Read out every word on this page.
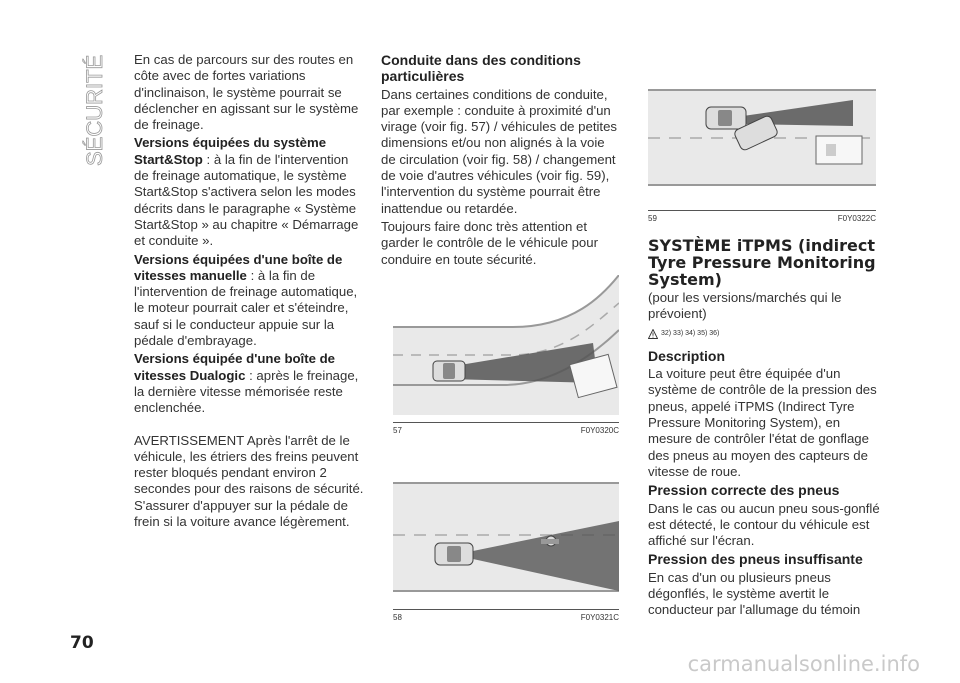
SÉCURITÉ En cas de parcours sur des routes en côte avec de fortes variations d'inclinaison, le système pourrait se déclencher en agissant sur le système de freinage.

Versions équipées du système Start&Stop : à la fin de l'intervention de freinage automatique, le système Start&Stop s'activera selon les modes décrits dans le paragraphe « Système Start&Stop » au chapitre « Démarrage et conduite ».

Versions équipées d'une boîte de vitesses manuelle : à la fin de l'intervention de freinage automatique, le moteur pourrait caler et s'éteindre, sauf si le conducteur appuie sur la pédale d'embrayage.

Versions équipée d'une boîte de vitesses Dualogic : après le freinage, la dernière vitesse mémorisée reste enclenchée.

AVERTISSEMENT Après l'arrêt de le véhicule, les étriers des freins peuvent rester bloqués pendant environ 2 secondes pour des raisons de sécurité. S'assurer d'appuyer sur la pédale de frein si la voiture avance légèrement.

Conduite dans des conditions particulières

Dans certaines conditions de conduite, par exemple : conduite à proximité d'un virage (voir fig. 57) / véhicules de petites dimensions et/ou non alignés à la voie de circulation (voir fig. 58) / changement de voie d'autres véhicules (voir fig. 59), l'intervention du système pourrait être inattendue ou retardée.

Toujours faire donc très attention et garder le contrôle de le véhicule pour conduire en toute sécurité.

57	F0Y0320C
58	F0Y0321C
59	F0Y0322C

SYSTÈME iTPMS (indirect Tyre Pressure Monitoring System)

(pour les versions/marchés qui le prévoient)

32) 33) 34) 35) 36)

Description

La voiture peut être équipée d'un système de contrôle de la pression des pneus, appelé iTPMS (Indirect Tyre Pressure Monitoring System), en mesure de contrôler l'état de gonflage des pneus au moyen des capteurs de vitesse de roue.

Pression correcte des pneus

Dans le cas ou aucun pneu sous-gonflé est détecté, le contour du véhicule est affiché sur l'écran.

Pression des pneus insuffisante

En cas d'un ou plusieurs pneus dégonflés, le système avertit le conducteur par l'allumage du témoin

70
carmanualsonline.info
